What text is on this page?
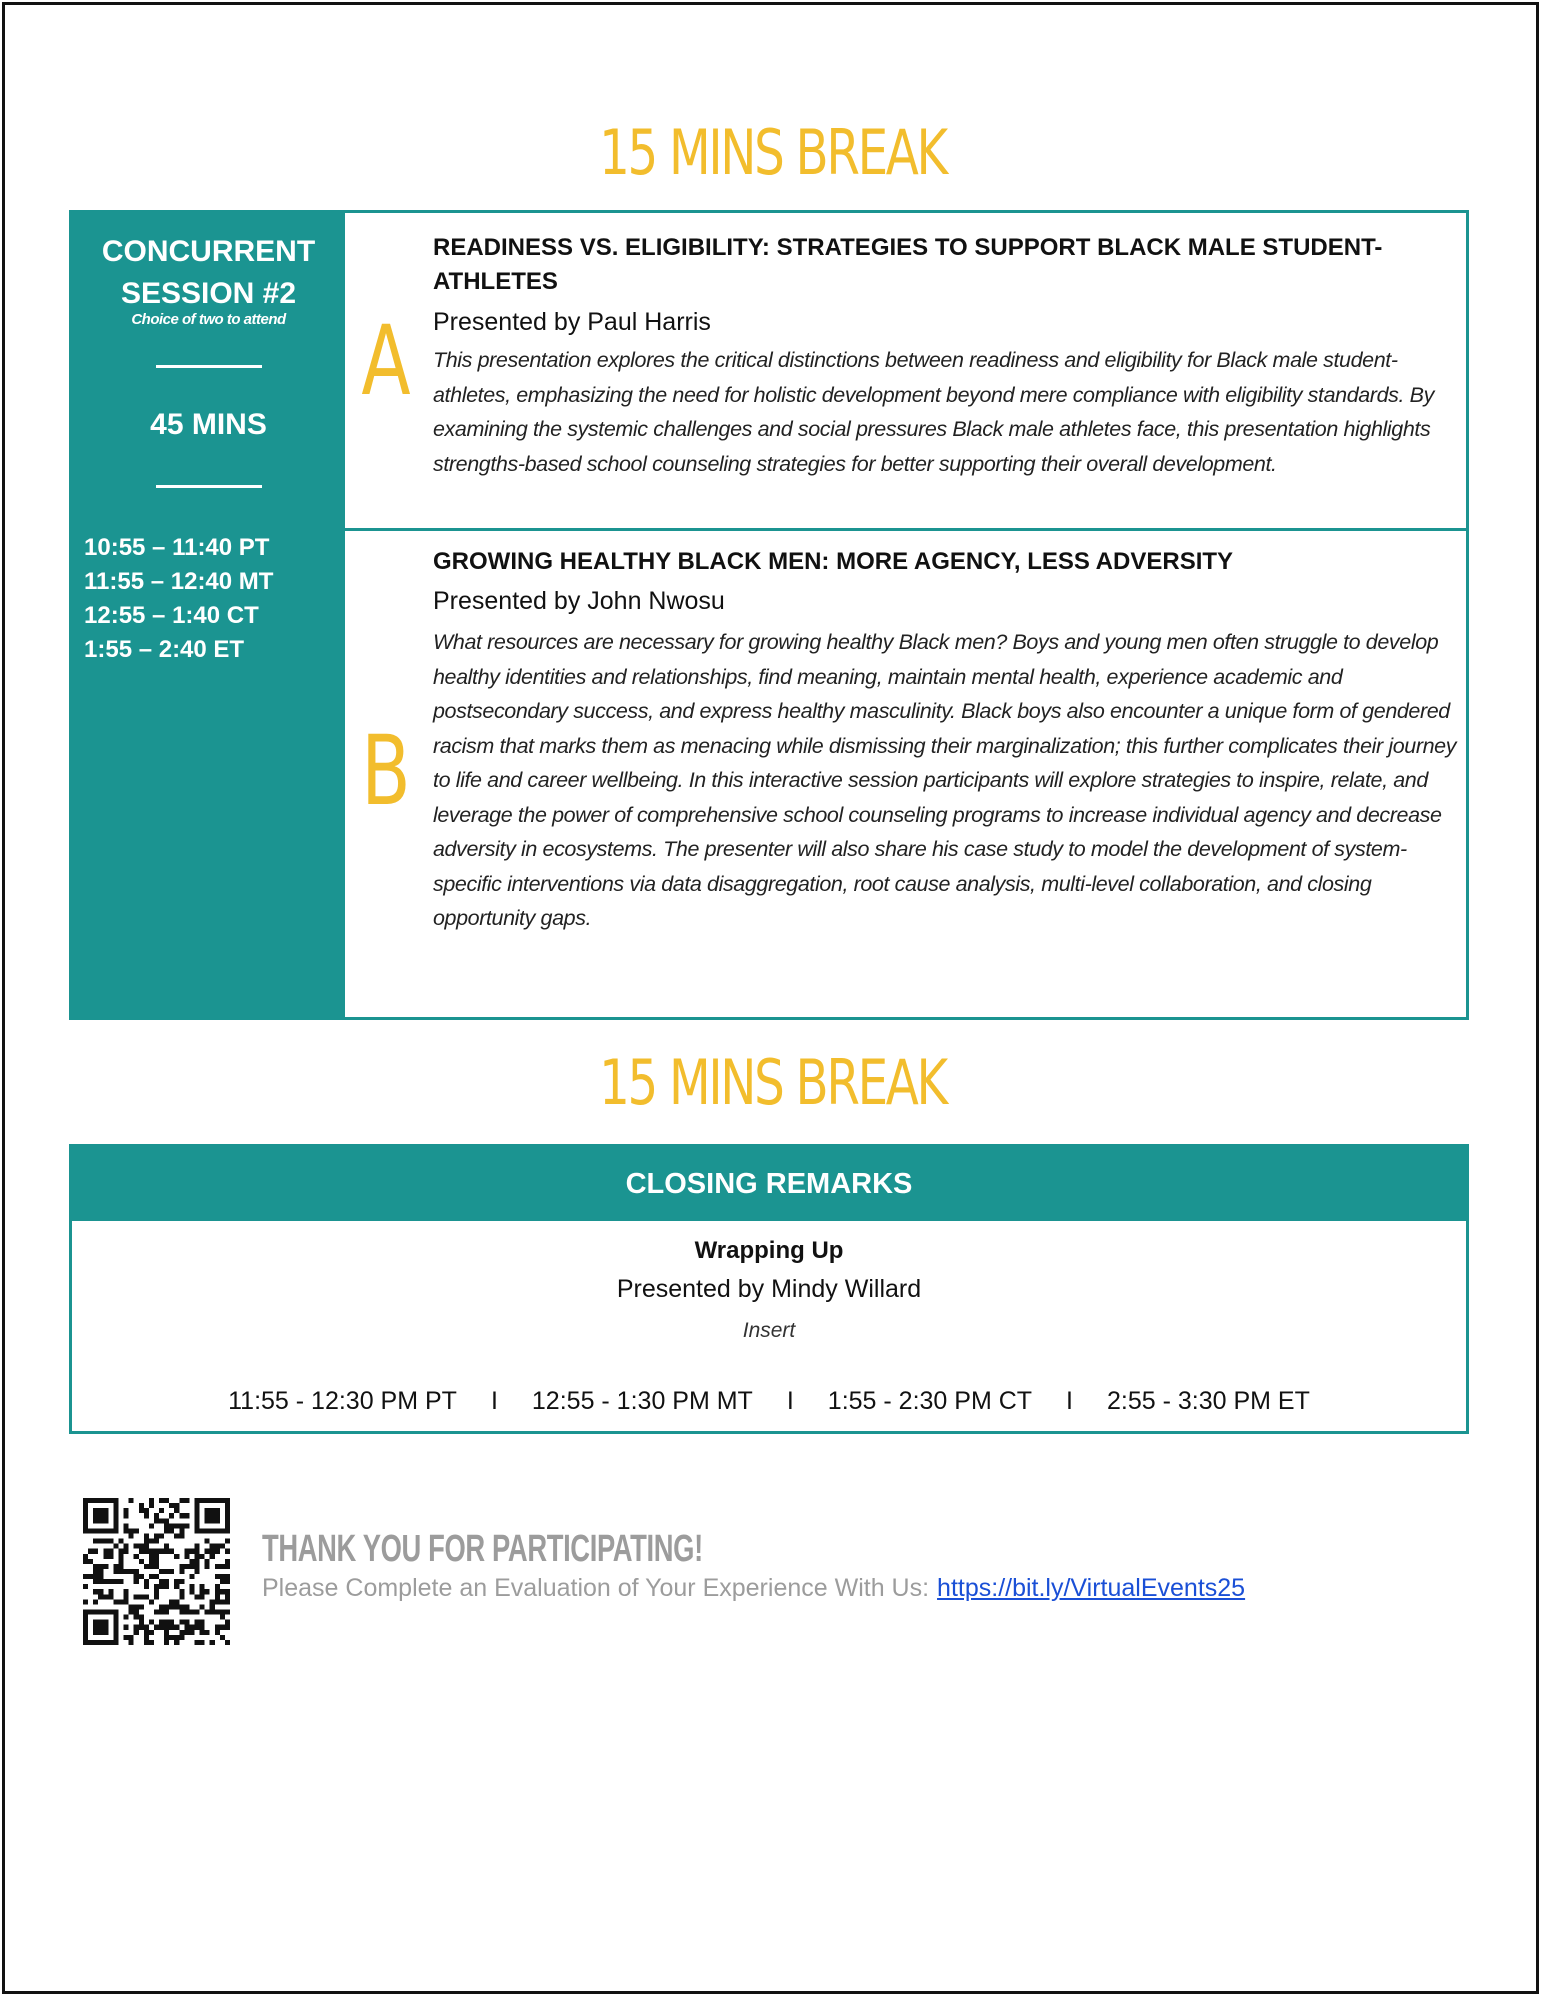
15 MINS BREAK
CONCURRENT
SESSION #2
Choice of two to attend
45 MINS
10:55 – 11:40 PT
11:55 – 12:40 MT
12:55 – 1:40 CT
1:55 – 2:40 ET
A
READINESS VS. ELIGIBILITY: STRATEGIES TO SUPPORT BLACK MALE STUDENT-ATHLETES
Presented by Paul Harris
This presentation explores the critical distinctions between readiness and eligibility for Black male student-athletes, emphasizing the need for holistic development beyond mere compliance with eligibility standards. By examining the systemic challenges and social pressures Black male athletes face, this presentation highlights strengths-based school counseling strategies for better supporting their overall development.
B
GROWING HEALTHY BLACK MEN: MORE AGENCY, LESS ADVERSITY
Presented by John Nwosu
What resources are necessary for growing healthy Black men? Boys and young men often struggle to develop healthy identities and relationships, find meaning, maintain mental health, experience academic and postsecondary success, and express healthy masculinity. Black boys also encounter a unique form of gendered racism that marks them as menacing while dismissing their marginalization; this further complicates their journey to life and career wellbeing. In this interactive session participants will explore strategies to inspire, relate, and leverage the power of comprehensive school counseling programs to increase individual agency and decrease adversity in ecosystems. The presenter will also share his case study to model the development of system-specific interventions via data disaggregation, root cause analysis, multi-level collaboration, and closing opportunity gaps.
15 MINS BREAK
CLOSING REMARKS
Wrapping Up
Presented by Mindy Willard
Insert
11:55 - 12:30 PM PT I 12:55 - 1:30 PM MT I 1:55 - 2:30 PM CT I 2:55 - 3:30 PM ET
THANK YOU FOR PARTICIPATING!
Please Complete an Evaluation of Your Experience With Us: https://bit.ly/VirtualEvents25
